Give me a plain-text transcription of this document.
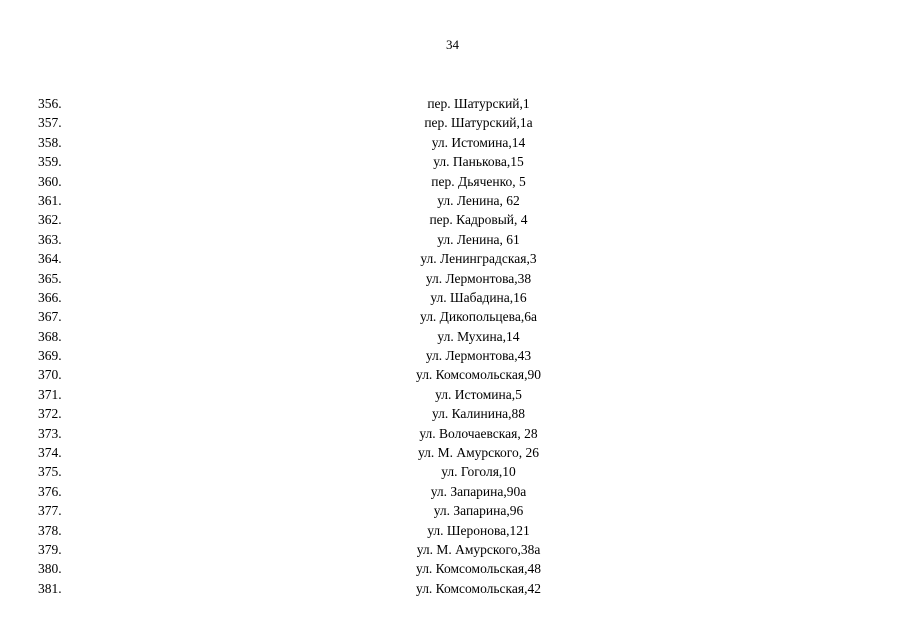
34
356.	пер. Шатурский,1
357.	пер. Шатурский,1а
358.	ул. Истомина,14
359.	ул. Панькова,15
360.	пер. Дьяченко, 5
361.	ул. Ленина, 62
362.	пер. Кадровый, 4
363.	ул. Ленина, 61
364.	ул. Ленинградская,3
365.	ул. Лермонтова,38
366.	ул. Шабадина,16
367.	ул. Дикопольцева,6а
368.	ул. Мухина,14
369.	ул. Лермонтова,43
370.	ул. Комсомольская,90
371.	ул. Истомина,5
372.	ул. Калинина,88
373.	ул. Волочаевская, 28
374.	ул. М. Амурского, 26
375.	ул. Гоголя,10
376.	ул. Запарина,90а
377.	ул. Запарина,96
378.	ул. Шеронова,121
379.	ул. М. Амурского,38а
380.	ул. Комсомольская,48
381.	ул. Комсомольская,42
